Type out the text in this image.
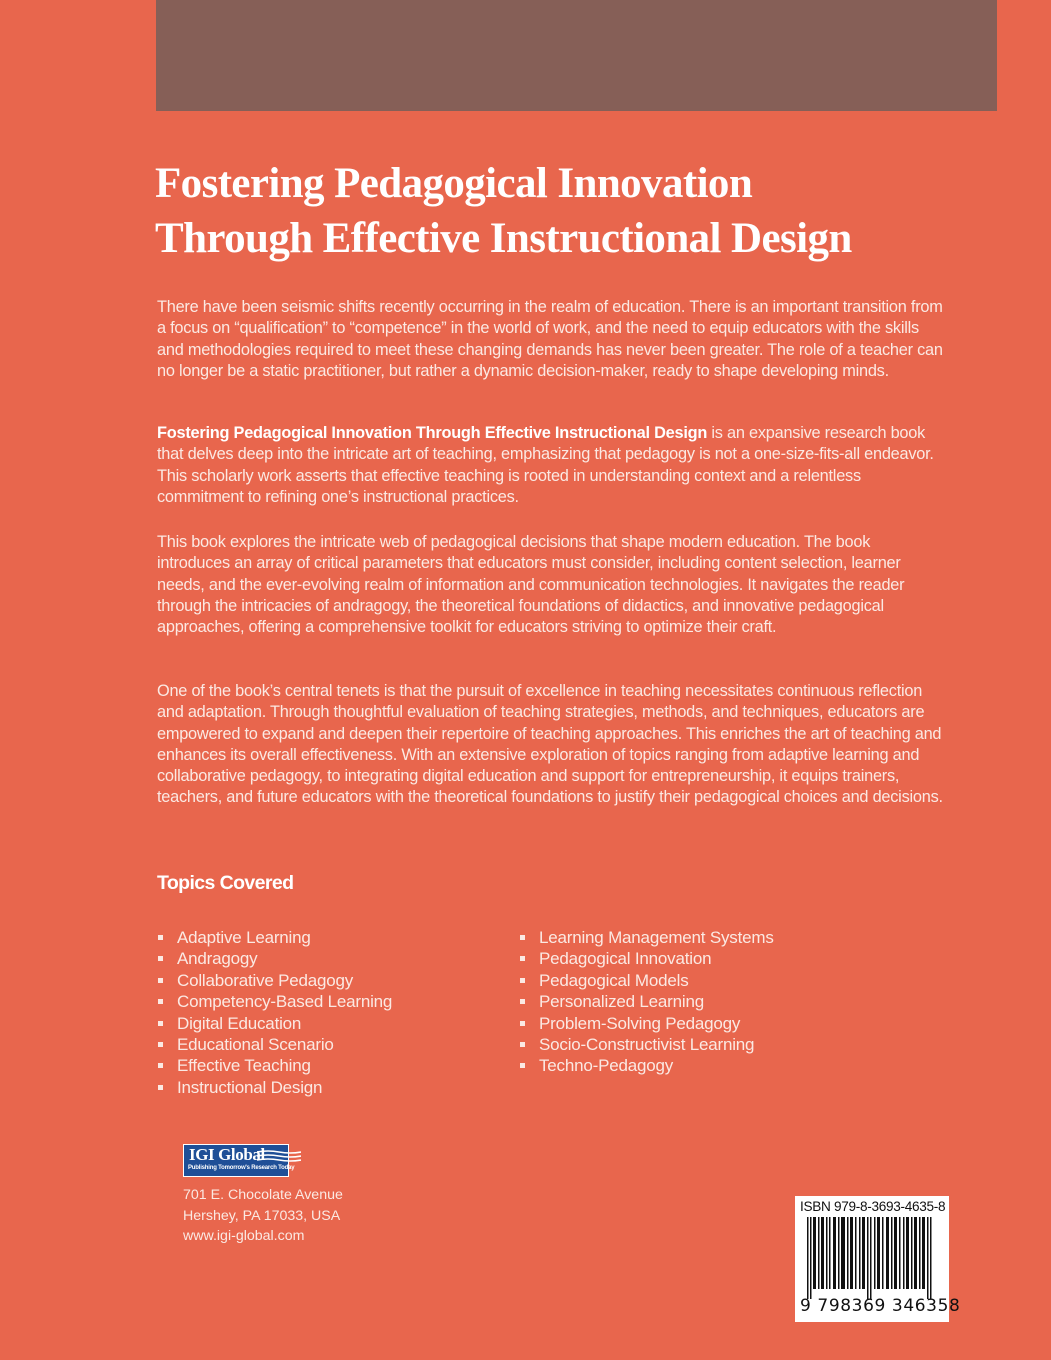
Fostering Pedagogical Innovation
Through Effective Instructional Design

There have been seismic shifts recently occurring in the realm of education. There is an important transition from a focus on “qualification” to “competence” in the world of work, and the need to equip educators with the skills and methodologies required to meet these changing demands has never been greater. The role of a teacher can no longer be a static practitioner, but rather a dynamic decision-maker, ready to shape developing minds.

Fostering Pedagogical Innovation Through Effective Instructional Design is an expansive research book that delves deep into the intricate art of teaching, emphasizing that pedagogy is not a one-size-fits-all endeavor. This scholarly work asserts that effective teaching is rooted in understanding context and a relentless commitment to refining one’s instructional practices.

This book explores the intricate web of pedagogical decisions that shape modern education. The book introduces an array of critical parameters that educators must consider, including content selection, learner needs, and the ever-evolving realm of information and communication technologies. It navigates the reader through the intricacies of andragogy, the theoretical foundations of didactics, and innovative pedagogical approaches, offering a comprehensive toolkit for educators striving to optimize their craft.

One of the book’s central tenets is that the pursuit of excellence in teaching necessitates continuous reflection and adaptation. Through thoughtful evaluation of teaching strategies, methods, and techniques, educators are empowered to expand and deepen their repertoire of teaching approaches. This enriches the art of teaching and enhances its overall effectiveness. With an extensive exploration of topics ranging from adaptive learning and collaborative pedagogy, to integrating digital education and support for entrepreneurship, it equips trainers, teachers, and future educators with the theoretical foundations to justify their pedagogical choices and decisions.

Topics Covered
Adaptive Learning
Andragogy
Collaborative Pedagogy
Competency-Based Learning
Digital Education
Educational Scenario
Effective Teaching
Instructional Design
Learning Management Systems
Pedagogical Innovation
Pedagogical Models
Personalized Learning
Problem-Solving Pedagogy
Socio-Constructivist Learning
Techno-Pedagogy
IGI Global
Publishing Tomorrow's Research Today
701 E. Chocolate Avenue
Hershey, PA 17033, USA
www.igi-global.com
ISBN 979-8-3693-4635-8
9 798369 346358
